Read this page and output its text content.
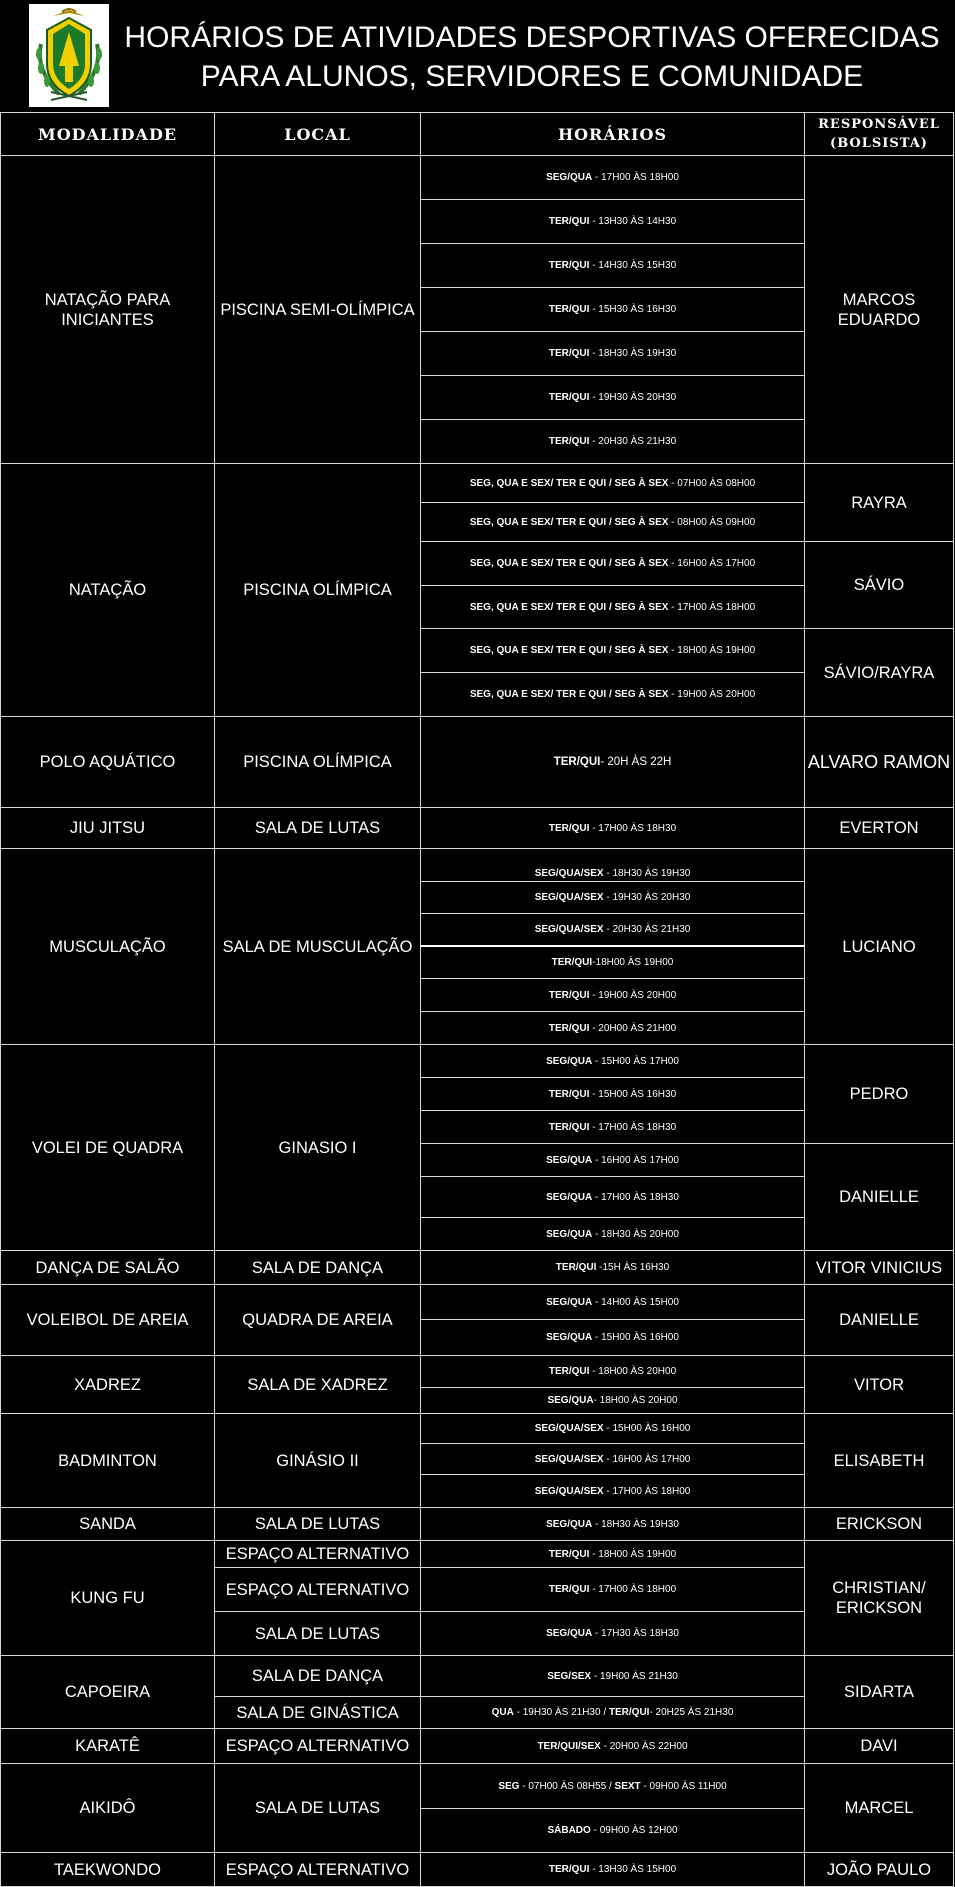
HORÁRIOS DE ATIVIDADES DESPORTIVAS OFERECIDAS
PARA ALUNOS, SERVIDORES E COMUNIDADE
MODALIDADE	LOCAL	HORÁRIOS	RESPONSÁVEL
(BOLSISTA)
NATAÇÃO PARA INICIANTES	PISCINA SEMI-OLÍMPICA	SEG/QUA - 17H00 ÀS 18H00	MARCOS EDUARDO
		TER/QUI - 13H30 ÀS 14H30	
		TER/QUI - 14H30 ÀS 15H30	
		TER/QUI - 15H30 ÀS 16H30	
		TER/QUI - 18H30 ÀS 19H30	
		TER/QUI - 19H30 ÀS 20H30	
		TER/QUI - 20H30 ÀS 21H30	
NATAÇÃO	PISCINA OLÍMPICA	SEG, QUA E SEX/ TER E QUI / SEG À SEX - 07H00 ÀS 08H00	RAYRA
		SEG, QUA E SEX/ TER E QUI / SEG À SEX - 08H00 ÀS 09H00	
		SEG, QUA E SEX/ TER E QUI / SEG À SEX - 16H00 ÀS 17H00	SÁVIO
		SEG, QUA E SEX/ TER E QUI / SEG À SEX - 17H00 ÀS 18H00	
		SEG, QUA E SEX/ TER E QUI / SEG À SEX - 18H00 ÀS 19H00	SÁVIO/RAYRA
		SEG, QUA E SEX/ TER E QUI / SEG À SEX - 19H00 ÀS 20H00	
POLO AQUÁTICO	PISCINA OLÍMPICA	TER/QUI- 20H ÀS 22H	ALVARO RAMON
JIU JITSU	SALA DE LUTAS	TER/QUI - 17H00 ÀS 18H30	EVERTON
MUSCULAÇÃO	SALA DE MUSCULAÇÃO	SEG/QUA/SEX - 18H30 ÀS 19H30	LUCIANO
		SEG/QUA/SEX - 19H30 ÀS 20H30	
		SEG/QUA/SEX - 20H30 ÀS 21H30	
		TER/QUI-18H00 ÀS 19H00	
		TER/QUI - 19H00 ÀS 20H00	
		TER/QUI - 20H00 ÀS 21H00	
VOLEI DE QUADRA	GINASIO I	SEG/QUA - 15H00 ÀS 17H00	PEDRO
		TER/QUI - 15H00 ÀS 16H30	
		TER/QUI - 17H00 ÀS 18H30	
		SEG/QUA - 16H00 ÀS 17H00	DANIELLE
		SEG/QUA - 17H00 ÀS 18H30	
		SEG/QUA - 18H30 ÀS 20H00	
DANÇA DE SALÃO	SALA DE DANÇA	TER/QUI -15H ÀS 16H30	VITOR VINICIUS
VOLEIBOL DE AREIA	QUADRA DE AREIA	SEG/QUA - 14H00 ÀS 15H00	DANIELLE
		SEG/QUA - 15H00 ÀS 16H00	
XADREZ	SALA DE XADREZ	TER/QUI - 18H00 ÀS 20H00	VITOR
		SEG/QUA- 18H00 ÀS 20H00	
BADMINTON	GINÁSIO II	SEG/QUA/SEX - 15H00 ÀS 16H00	ELISABETH
		SEG/QUA/SEX - 16H00 ÀS 17H00	
		SEG/QUA/SEX - 17H00 ÀS 18H00	
SANDA	SALA DE LUTAS	SEG/QUA - 18H30 ÀS 19H30	ERICKSON
KUNG FU	ESPAÇO ALTERNATIVO	TER/QUI - 18H00 ÀS 19H00	CHRISTIAN/ ERICKSON
	ESPAÇO ALTERNATIVO	TER/QUI - 17H00 ÀS 18H00	
	SALA DE LUTAS	SEG/QUA - 17H30 ÀS 18H30	
CAPOEIRA	SALA DE DANÇA	SEG/SEX - 19H00 ÀS 21H30	SIDARTA
	SALA DE GINÁSTICA	QUA - 19H30 ÀS 21H30 / TER/QUI- 20H25 ÀS 21H30	
KARATÊ	ESPAÇO ALTERNATIVO	TER/QUI/SEX - 20H00 ÀS 22H00	DAVI
AIKIDÔ	SALA DE LUTAS	SEG - 07H00 ÀS 08H55 / SEXT - 09H00 ÀS 11H00	MARCEL
		SÁBADO - 09H00 ÀS 12H00	
TAEKWONDO	ESPAÇO ALTERNATIVO	TER/QUI - 13H30 ÀS 15H00	JOÃO PAULO
